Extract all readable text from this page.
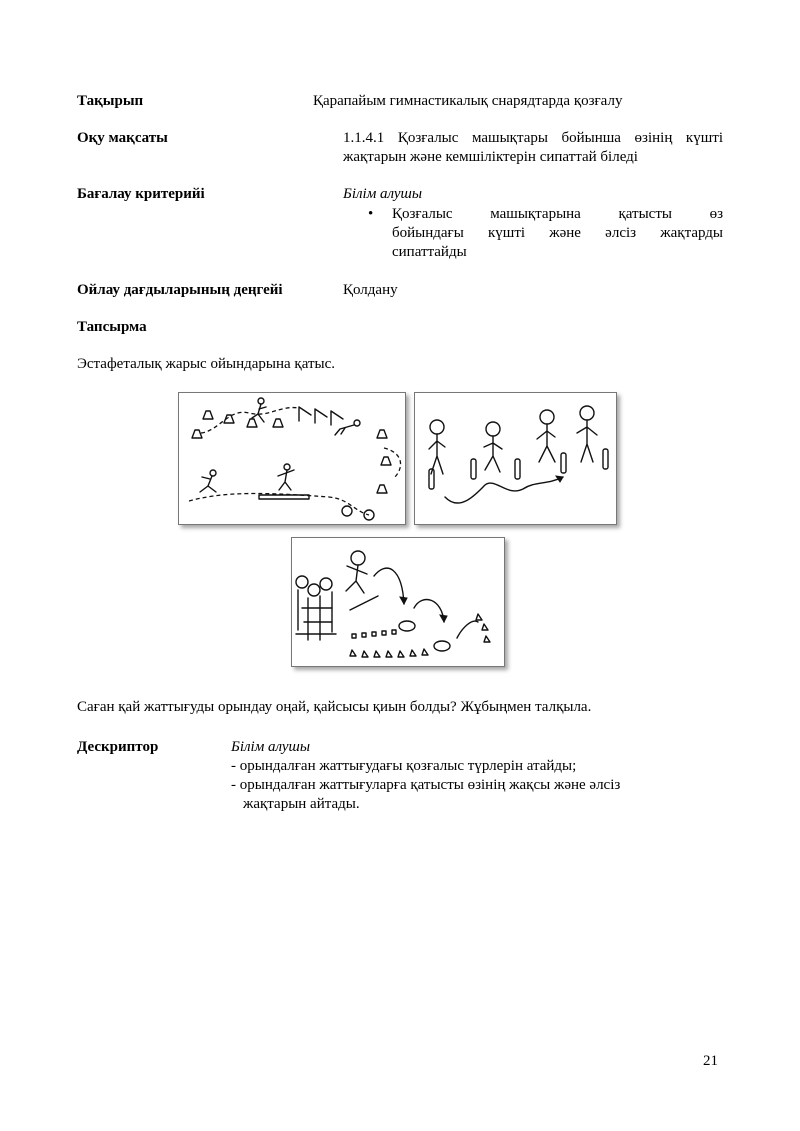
Тақырып	Қарапайым гимнастикалық снарядтарда қозғалу
Оқу мақсаты	1.1.4.1 Қозғалыс машықтары бойынша өзінің күшті
жақтарын және кемшіліктерін сипаттай біледі
Бағалау критерийі	Білім алушы
• Қозғалыс машықтарына қатысты өз
бойындағы күшті және әлсіз жақтарды
сипаттайды
Ойлау дағдыларының деңгейі	Қолдану
Тапсырма
Эстафеталық жарыс ойындарына қатыс.
Саған қай жаттығуды орындау оңай, қайсысы қиын болды? Жұбыңмен талқыла.
Дескриптор	Білім алушы
- орындалған жаттығудағы қозғалыс түрлерін атайды;
- орындалған жаттығуларға қатысты өзінің жақсы және әлсіз
жақтарын айтады.
21
